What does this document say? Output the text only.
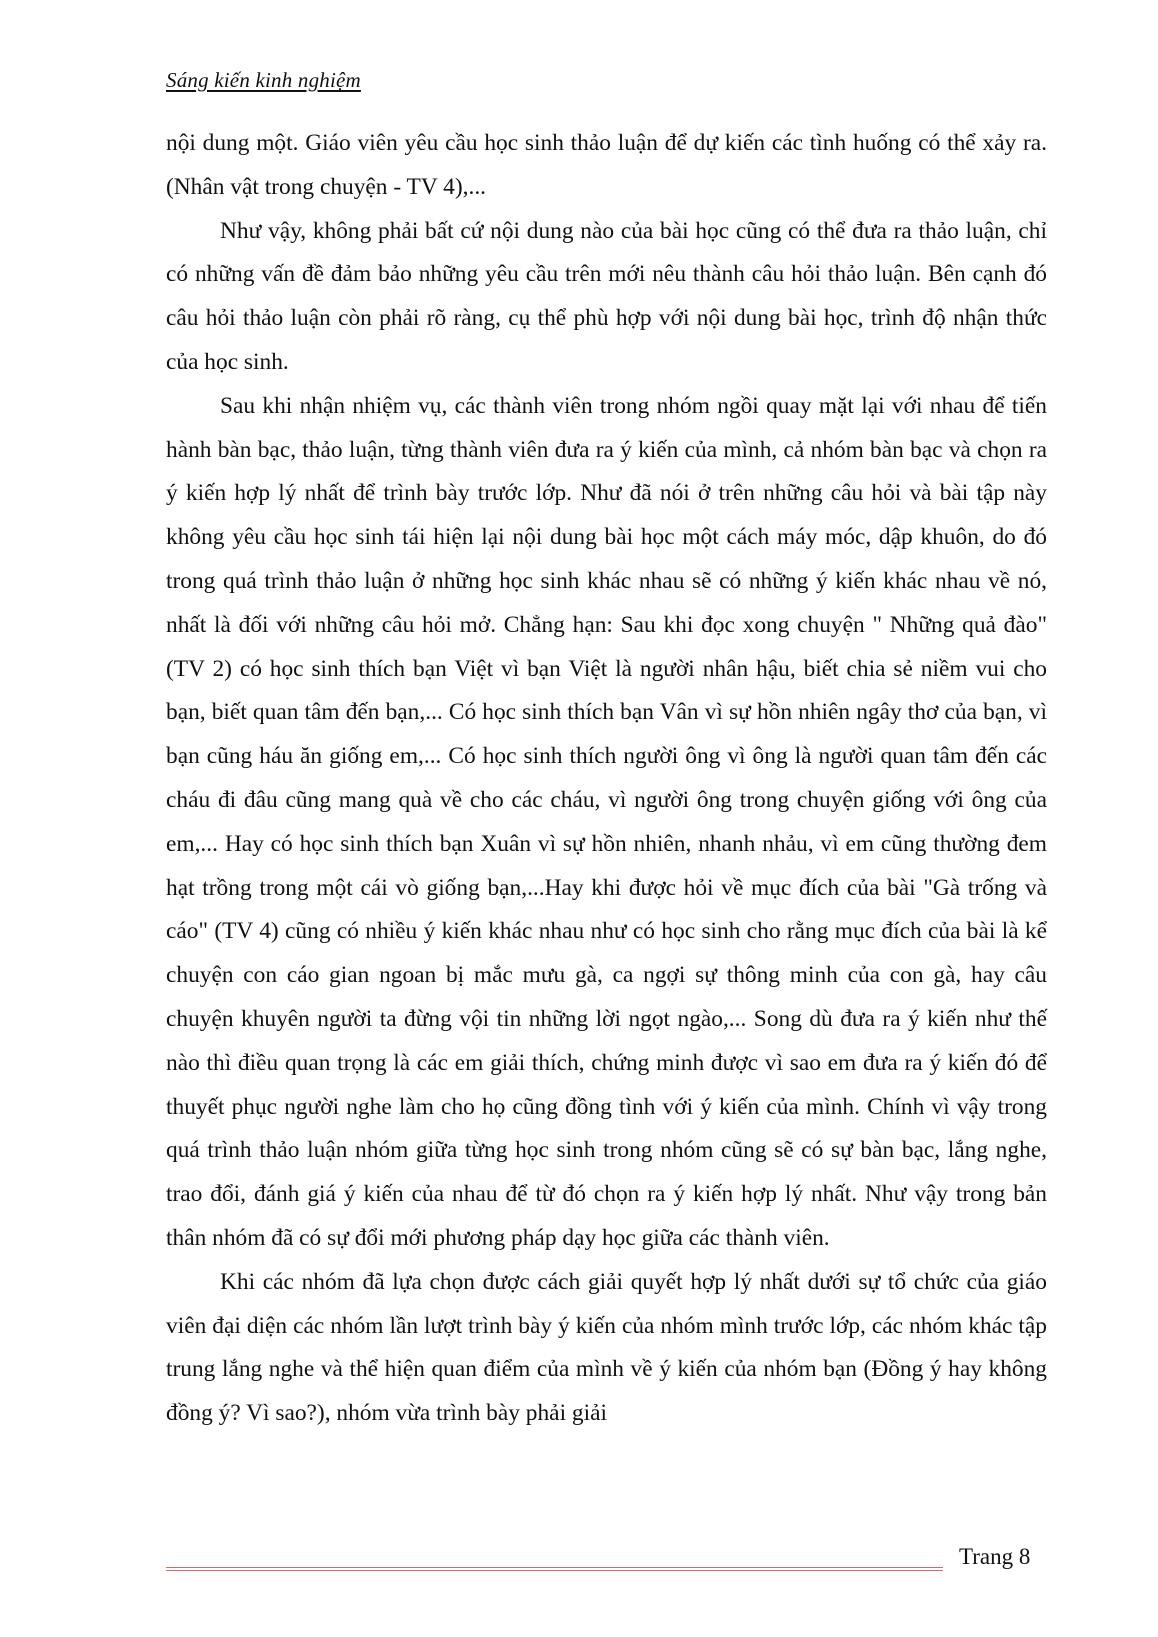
Sáng kiến kinh nghiệm

nội dung một. Giáo viên yêu cầu học sinh thảo luận để dự kiến các tình huống có thể xảy ra. (Nhân vật trong chuyện - TV 4),...

Như vậy, không phải bất cứ nội dung nào của bài học cũng có thể đưa ra thảo luận, chỉ có những vấn đề đảm bảo những yêu cầu trên mới nêu thành câu hỏi thảo luận. Bên cạnh đó câu hỏi thảo luận còn phải rõ ràng, cụ thể phù hợp với nội dung bài học, trình độ nhận thức của học sinh.

Sau khi nhận nhiệm vụ, các thành viên trong nhóm ngồi quay mặt lại với nhau để tiến hành bàn bạc, thảo luận, từng thành viên đưa ra ý kiến của mình, cả nhóm bàn bạc và chọn ra ý kiến hợp lý nhất để trình bày trước lớp. Như đã nói ở trên những câu hỏi và bài tập này không yêu cầu học sinh tái hiện lại nội dung bài học một cách máy móc, dập khuôn, do đó trong quá trình thảo luận ở những học sinh khác nhau sẽ có những ý kiến khác nhau về nó, nhất là đối với những câu hỏi mở. Chẳng hạn: Sau khi đọc xong chuyện " Những quả đào" (TV 2) có học sinh thích bạn Việt vì bạn Việt là người nhân hậu, biết chia sẻ niềm vui cho bạn, biết quan tâm đến bạn,... Có học sinh thích bạn Vân vì sự hồn nhiên ngây thơ của bạn, vì bạn cũng háu ăn giống em,... Có học sinh thích người ông vì ông là người quan tâm đến các cháu đi đâu cũng mang quà về cho các cháu, vì người ông trong chuyện giống với ông của em,... Hay có học sinh thích bạn Xuân vì sự hồn nhiên, nhanh nhảu, vì em cũng thường đem hạt trồng trong một cái vò giống bạn,...Hay khi được hỏi về mục đích của bài "Gà trống và cáo" (TV 4) cũng có nhiều ý kiến khác nhau như có học sinh cho rằng mục đích của bài là kể chuyện con cáo gian ngoan bị mắc mưu gà, ca ngợi sự thông minh của con gà, hay câu chuyện khuyên người ta đừng vội tin những lời ngọt ngào,... Song dù đưa ra ý kiến như thế nào thì điều quan trọng là các em giải thích, chứng minh được vì sao em đưa ra ý kiến đó để thuyết phục người nghe làm cho họ cũng đồng tình với ý kiến của mình. Chính vì vậy trong quá trình thảo luận nhóm giữa từng học sinh trong nhóm cũng sẽ có sự bàn bạc, lắng nghe, trao đổi, đánh giá ý kiến của nhau để từ đó chọn ra ý kiến hợp lý nhất. Như vậy trong bản thân nhóm đã có sự đổi mới phương pháp dạy học giữa các thành viên.

Khi các nhóm đã lựa chọn được cách giải quyết hợp lý nhất dưới sự tổ chức của giáo viên đại diện các nhóm lần lượt trình bày ý kiến của nhóm mình trước lớp, các nhóm khác tập trung lắng nghe và thể hiện quan điểm của mình về ý kiến của nhóm bạn (Đồng ý hay không đồng ý? Vì sao?), nhóm vừa trình bày phải giải

Trang 8
